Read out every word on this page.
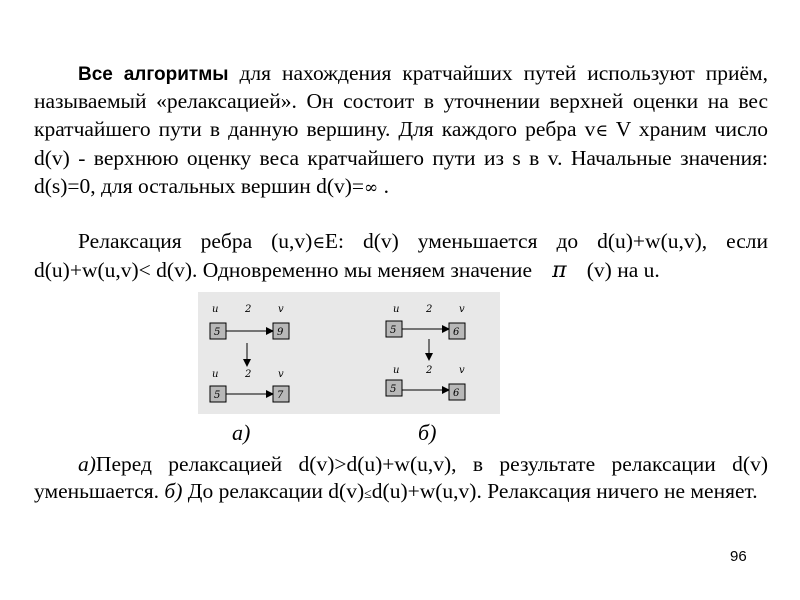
Все алгоритмы для нахождения кратчайших путей используют приём, называемый «релаксацией». Он состоит в уточнении верхней оценки на вес кратчайшего пути в данную вершину. Для каждого ребра v∈ V храним число d(v) - верхнюю оценку веса кратчайшего пути из s в v. Начальные значения: d(s)=0, для остальных вершин d(v)=∞ .
Релаксация ребра (u,v)∈E: d(v) уменьшается до d(u)+w(u,v), если d(u)+w(u,v)< d(v). Одновременно мы меняем значение π (v) на u.
u	2	v
5	9
u	2	v
5	7
u	2	v
5	6
u	2	v
5	6
а)	б)
а)Перед релаксацией d(v)>d(u)+w(u,v), в результате релаксации d(v) уменьшается. б) До релаксации d(v)≤d(u)+w(u,v). Релаксация ничего не меняет.
96
